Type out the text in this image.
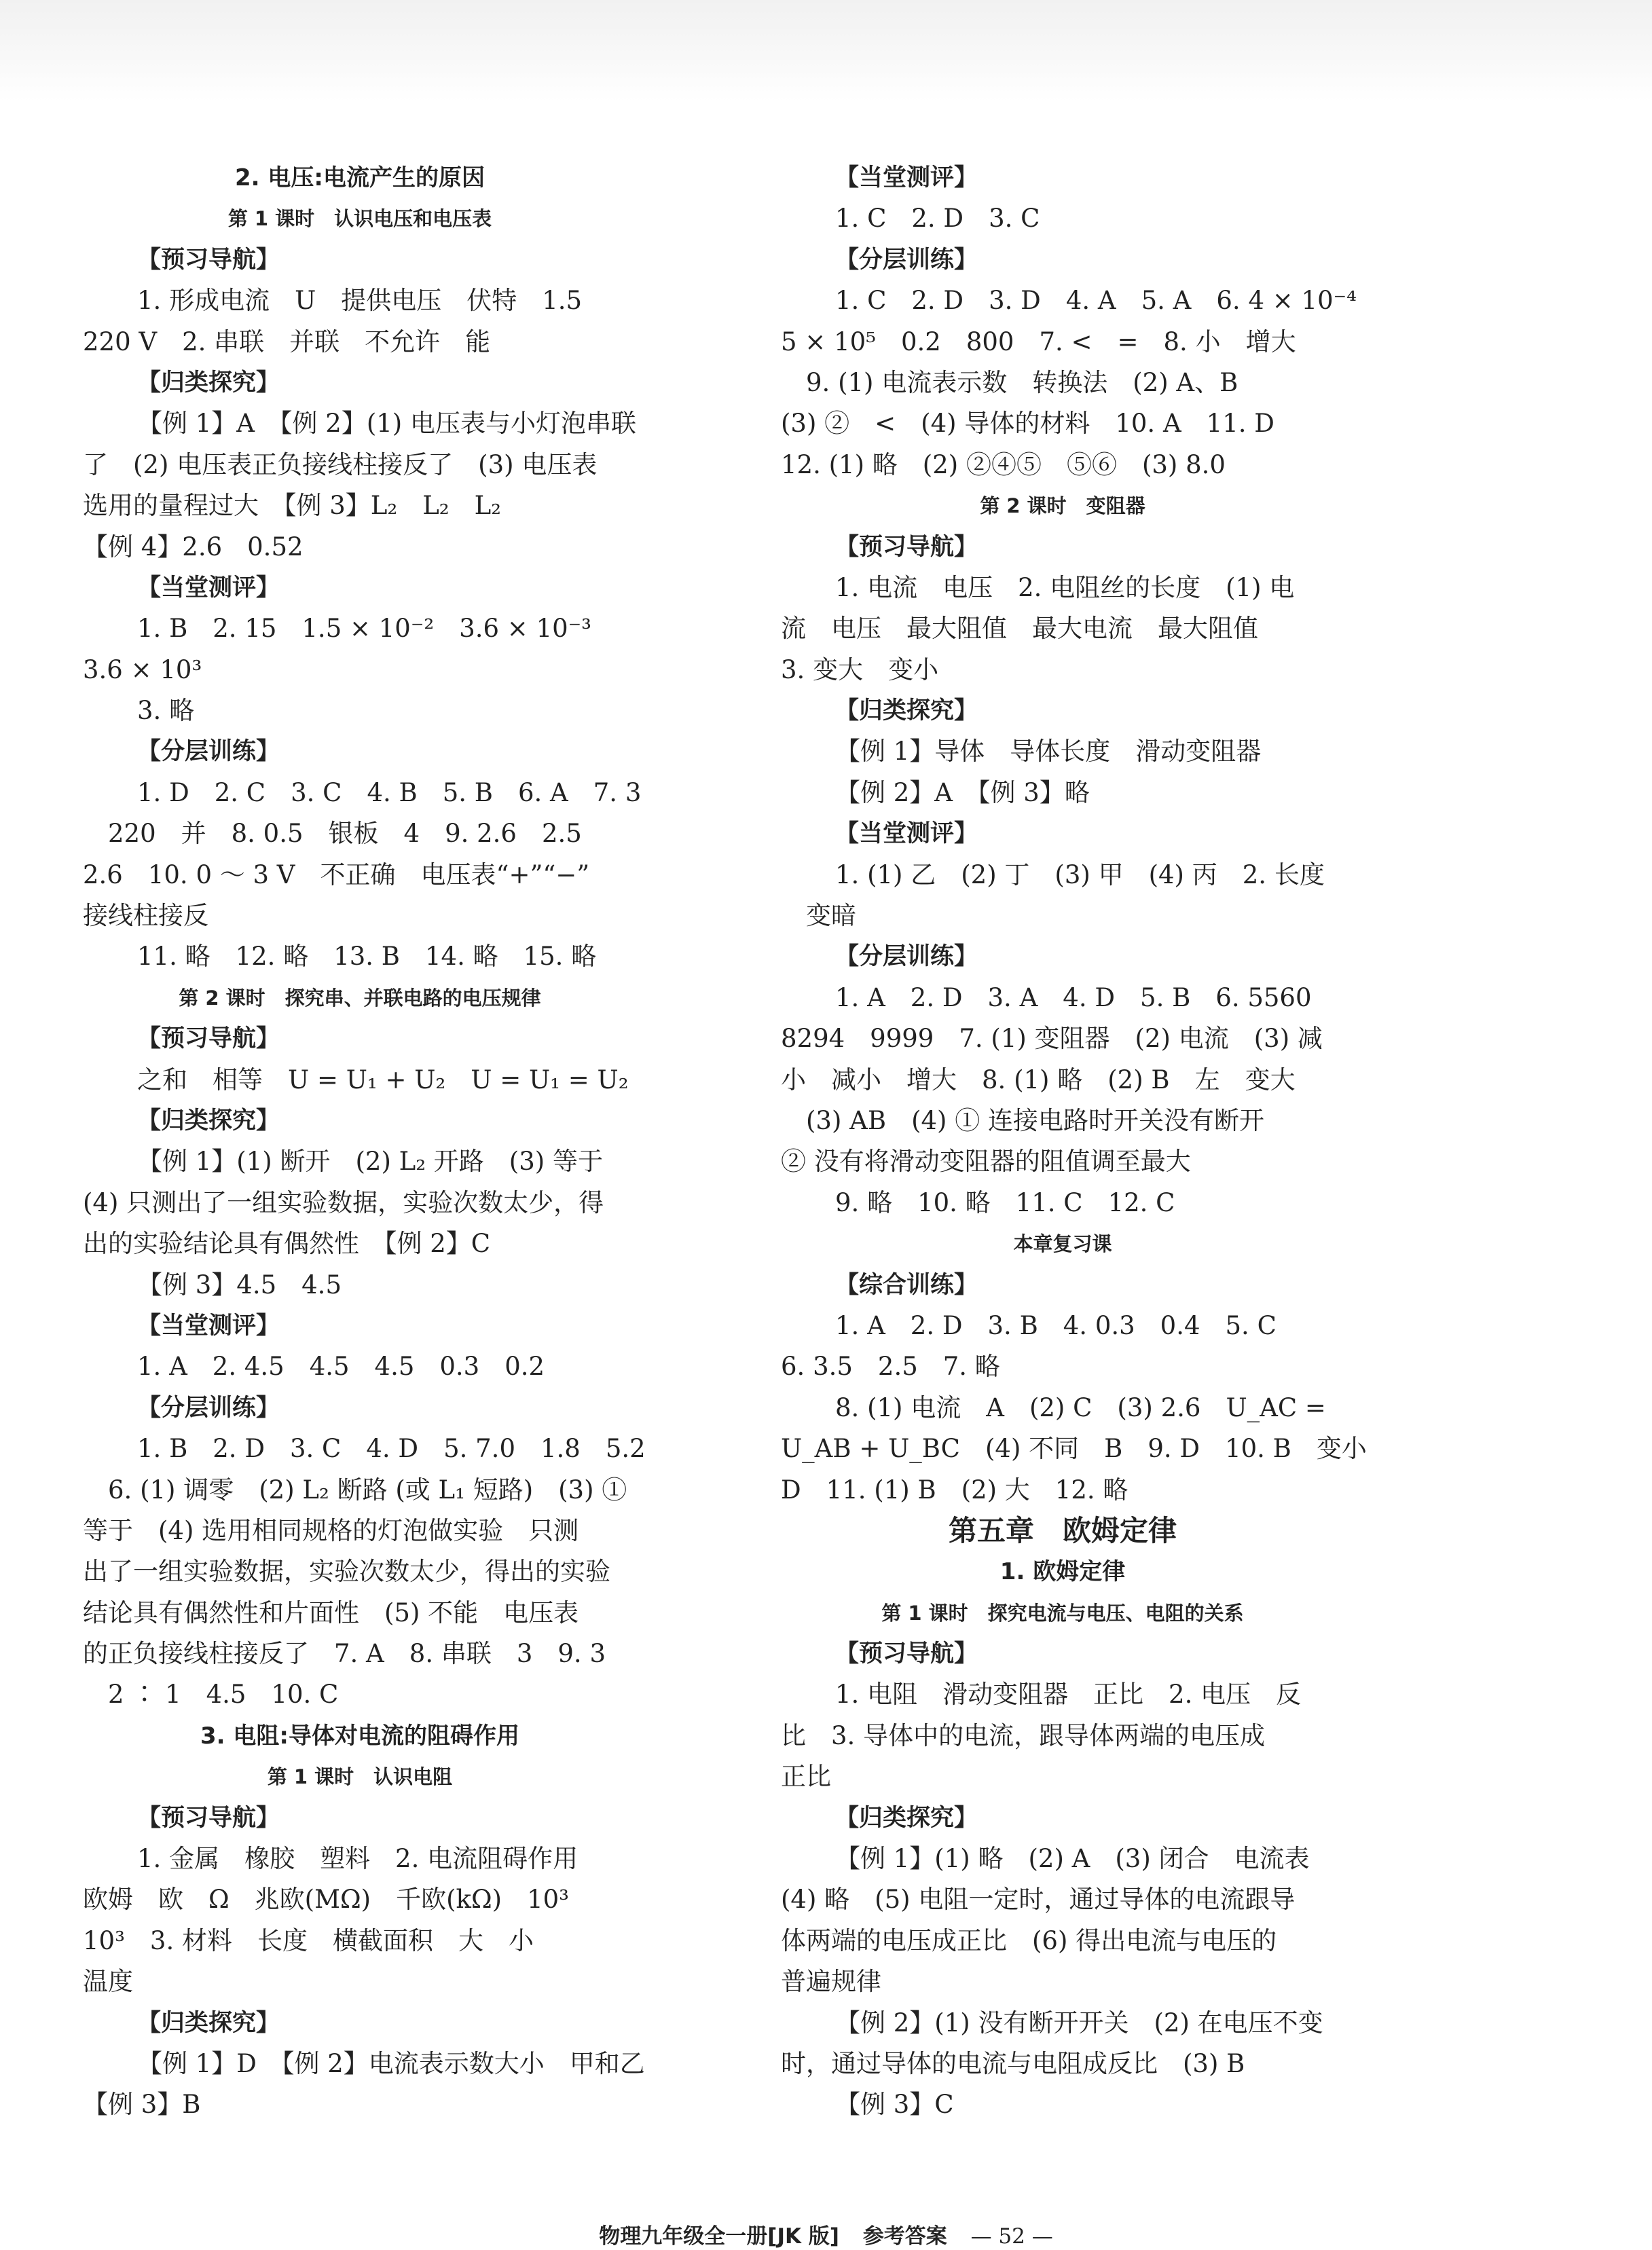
2. 电压:电流产生的原因
第 1 课时　认识电压和电压表
【预习导航】
1. 形成电流　U　提供电压　伏特　1.5
220 V　2. 串联　并联　不允许　能
【归类探究】
【例 1】A　【例 2】(1) 电压表与小灯泡串联
了　(2) 电压表正负接线柱接反了　(3) 电压表
选用的量程过大　【例 3】L₂　L₂　L₂
【例 4】2.6　0.52
【当堂测评】
1. B　2. 15　1.5 × 10⁻²　3.6 × 10⁻³
3.6 × 10³
3. 略
【分层训练】
1. D　2. C　3. C　4. B　5. B　6. A　7. 3
　220　并　8. 0.5　银板　4　9. 2.6　2.5
2.6　10. 0 ～ 3 V　不正确　电压表“+”“−”
接线柱接反
11. 略　12. 略　13. B　14. 略　15. 略
第 2 课时　探究串、并联电路的电压规律
【预习导航】
之和　相等　U = U₁ + U₂　U = U₁ = U₂
【归类探究】
【例 1】(1) 断开　(2) L₂ 开路　(3) 等于
(4) 只测出了一组实验数据，实验次数太少，得
出的实验结论具有偶然性　【例 2】C
【例 3】4.5　4.5
【当堂测评】
1. A　2. 4.5　4.5　4.5　0.3　0.2
【分层训练】
1. B　2. D　3. C　4. D　5. 7.0　1.8　5.2
　6. (1) 调零　(2) L₂ 断路 (或 L₁ 短路)　(3) ①
等于　(4) 选用相同规格的灯泡做实验　只测
出了一组实验数据，实验次数太少，得出的实验
结论具有偶然性和片面性　(5) 不能　电压表
的正负接线柱接反了　7. A　8. 串联　3　9. 3
　2 ∶ 1　4.5　10. C
3. 电阻:导体对电流的阻碍作用
第 1 课时　认识电阻
【预习导航】
1. 金属　橡胶　塑料　2. 电流阻碍作用
欧姆　欧　Ω　兆欧(MΩ)　千欧(kΩ)　10³
10³　3. 材料　长度　横截面积　大　小
温度
【归类探究】
【例 1】D　【例 2】电流表示数大小　甲和乙
【例 3】B
【当堂测评】
1. C　2. D　3. C
【分层训练】
1. C　2. D　3. D　4. A　5. A　6. 4 × 10⁻⁴
5 × 10⁵　0.2　800　7. <　=　8. 小　增大
　9. (1) 电流表示数　转换法　(2) A、B
(3) ②　<　(4) 导体的材料　10. A　11. D
12. (1) 略　(2) ②④⑤　⑤⑥　(3) 8.0
第 2 课时　变阻器
【预习导航】
1. 电流　电压　2. 电阻丝的长度　(1) 电
流　电压　最大阻值　最大电流　最大阻值
3. 变大　变小
【归类探究】
【例 1】导体　导体长度　滑动变阻器
【例 2】A　【例 3】略
【当堂测评】
1. (1) 乙　(2) 丁　(3) 甲　(4) 丙　2. 长度
　变暗
【分层训练】
1. A　2. D　3. A　4. D　5. B　6. 5560
8294　9999　7. (1) 变阻器　(2) 电流　(3) 减
小　减小　增大　8. (1) 略　(2) B　左　变大
　(3) AB　(4) ① 连接电路时开关没有断开
② 没有将滑动变阻器的阻值调至最大
9. 略　10. 略　11. C　12. C
本章复习课
【综合训练】
1. A　2. D　3. B　4. 0.3　0.4　5. C
6. 3.5　2.5　7. 略
8. (1) 电流　A　(2) C　(3) 2.6　U_AC =
U_AB + U_BC　(4) 不同　B　9. D　10. B　变小
D　11. (1) B　(2) 大　12. 略
第五章　欧姆定律
1. 欧姆定律
第 1 课时　探究电流与电压、电阻的关系
【预习导航】
1. 电阻　滑动变阻器　正比　2. 电压　反
比　3. 导体中的电流，跟导体两端的电压成
正比
【归类探究】
【例 1】(1) 略　(2) A　(3) 闭合　电流表
(4) 略　(5) 电阻一定时，通过导体的电流跟导
体两端的电压成正比　(6) 得出电流与电压的
普遍规律
【例 2】(1) 没有断开开关　(2) 在电压不变
时，通过导体的电流与电阻成反比　(3) B
【例 3】C
物理九年级全一册[JK 版] 参考答案 — 52 —
